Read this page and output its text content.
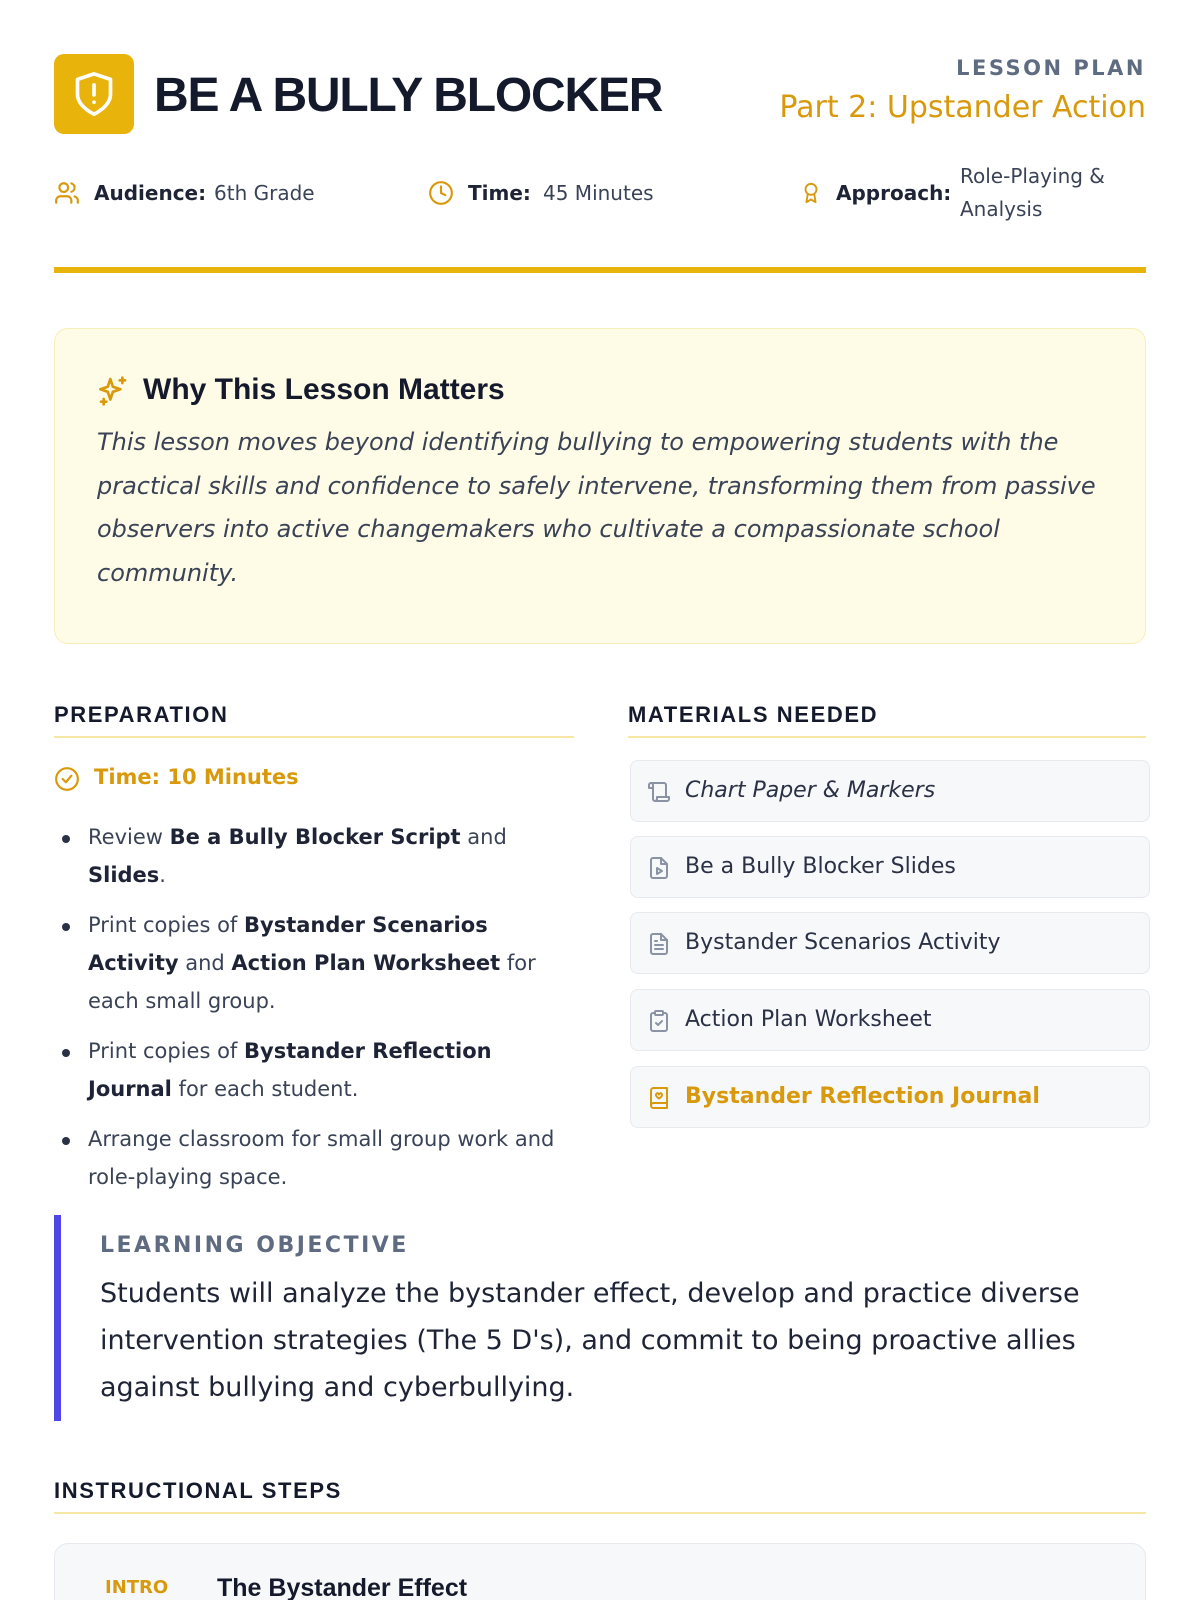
BE A BULLY BLOCKER
LESSON PLAN
Part 2: Upstander Action
Audience: 6th Grade	Time: 45 Minutes	Approach:
Role-Playing & Analysis
Why This Lesson Matters
This lesson moves beyond identifying bullying to empowering students with the practical skills and confidence to safely intervene, transforming them from passive observers into active changemakers who cultivate a compassionate school community.
PREPARATION
Time: 10 Minutes
Review Be a Bully Blocker Script and Slides.
Print copies of Bystander Scenarios Activity and Action Plan Worksheet for each small group.
Print copies of Bystander Reflection Journal for each student.
Arrange classroom for small group work and role-playing space.
MATERIALS NEEDED
Chart Paper & Markers
Be a Bully Blocker Slides
Bystander Scenarios Activity
Action Plan Worksheet
Bystander Reflection Journal
LEARNING OBJECTIVE
Students will analyze the bystander effect, develop and practice diverse intervention strategies (The 5 D's), and commit to being proactive allies against bullying and cyberbullying.
INSTRUCTIONAL STEPS
INTRO The Bystander Effect
